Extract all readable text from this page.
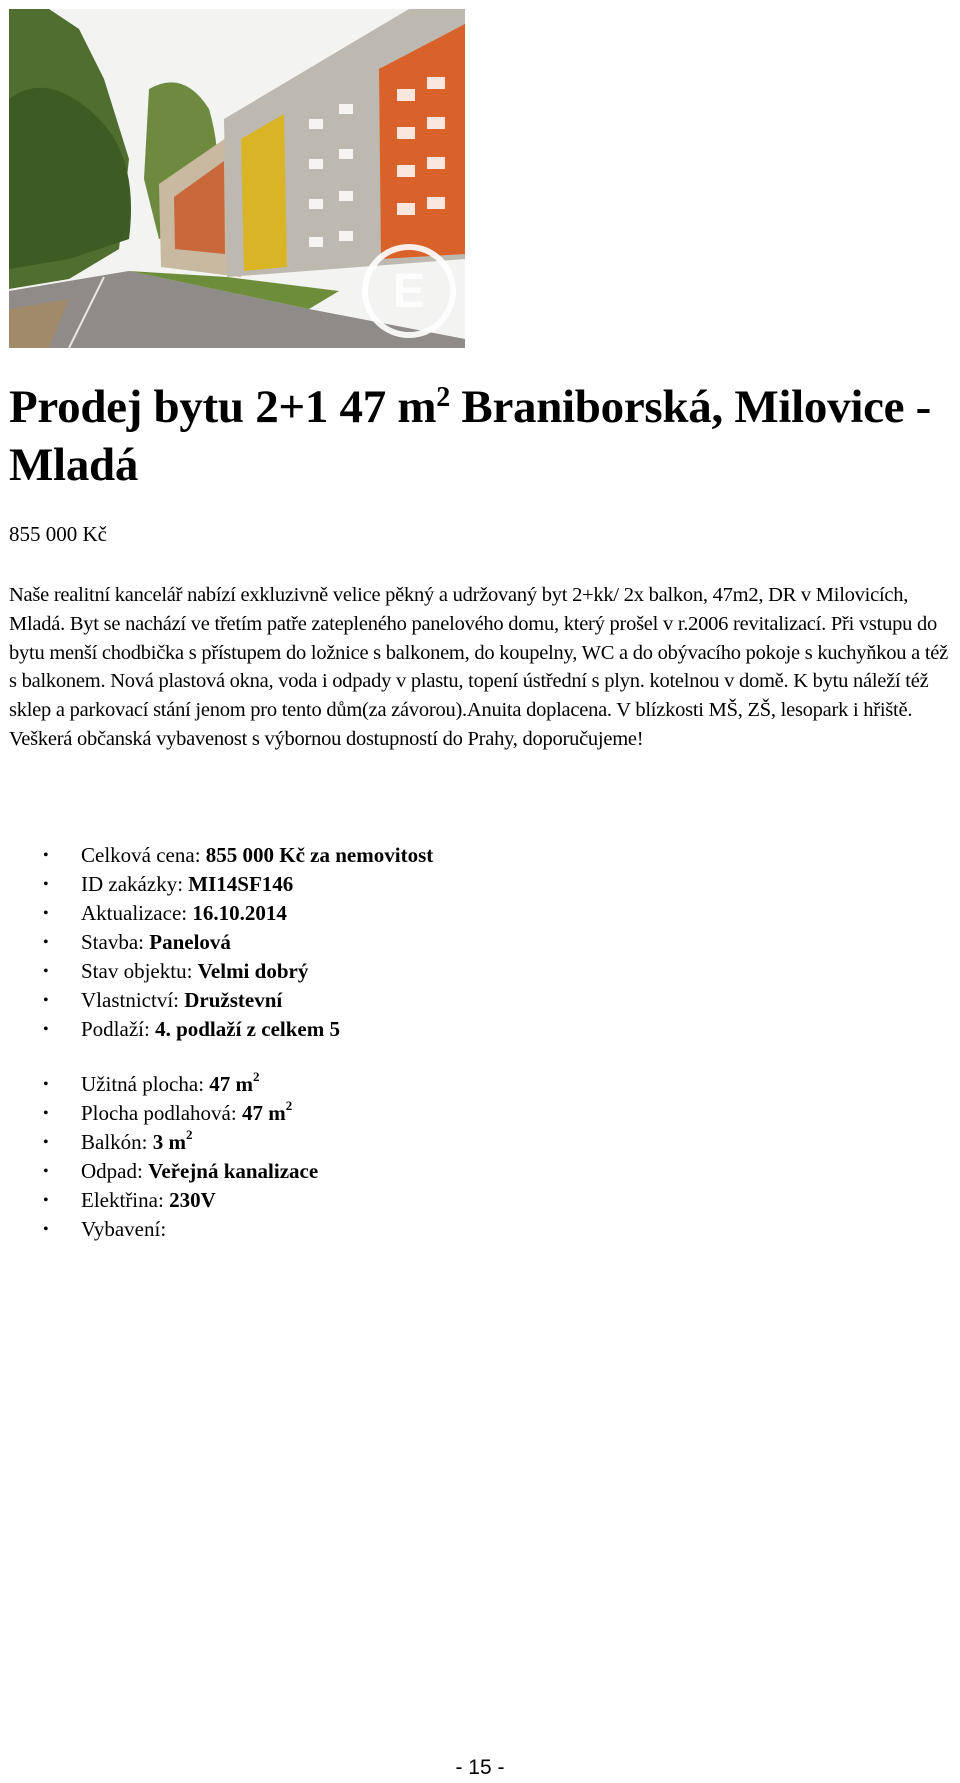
E
Prodej bytu 2+1 47 $m^2$ Braniborská, Milovice - Mladá
855 000 Kč

Naše realitní kancelář nabízí exkluzivně velice pěkný a udržovaný byt 2+kk/ 2x balkon, 47m2, DR v Milovicích, Mladá. Byt se nachází ve třetím patře zatepleného panelového domu, který prošel v r.2006 revitalizací. Při vstupu do bytu menší chodbička s přístupem do ložnice s balkonem, do koupelny, WC a do obývacího pokoje s kuchyňkou a též s balkonem. Nová plastová okna, voda i odpady v plastu, topení ústřední s plyn. kotelnou v domě. K bytu náleží též sklep a parkovací stání jenom pro tento dům(za závorou).Anuita doplacena. V blízkosti MŠ, ZŠ, lesopark i hřiště. Veškerá občanská vybavenost s výbornou dostupností do Prahy, doporučujeme!

• Celková cena: 855 000 Kč za nemovitost
• ID zakázky: MI14SF146
• Aktualizace: 16.10.2014
• Stavba: Panelová
• Stav objektu: Velmi dobrý
• Vlastnictví: Družstevní
• Podlaží: 4. podlaží z celkem 5
• Užitná plocha: 47 $m^2$
• Plocha podlahová: 47 $m^2$
• Balkón: 3 $m^2$
• Odpad: Veřejná kanalizace
• Elektřina: 230V
• Vybavení:
- 15 -
